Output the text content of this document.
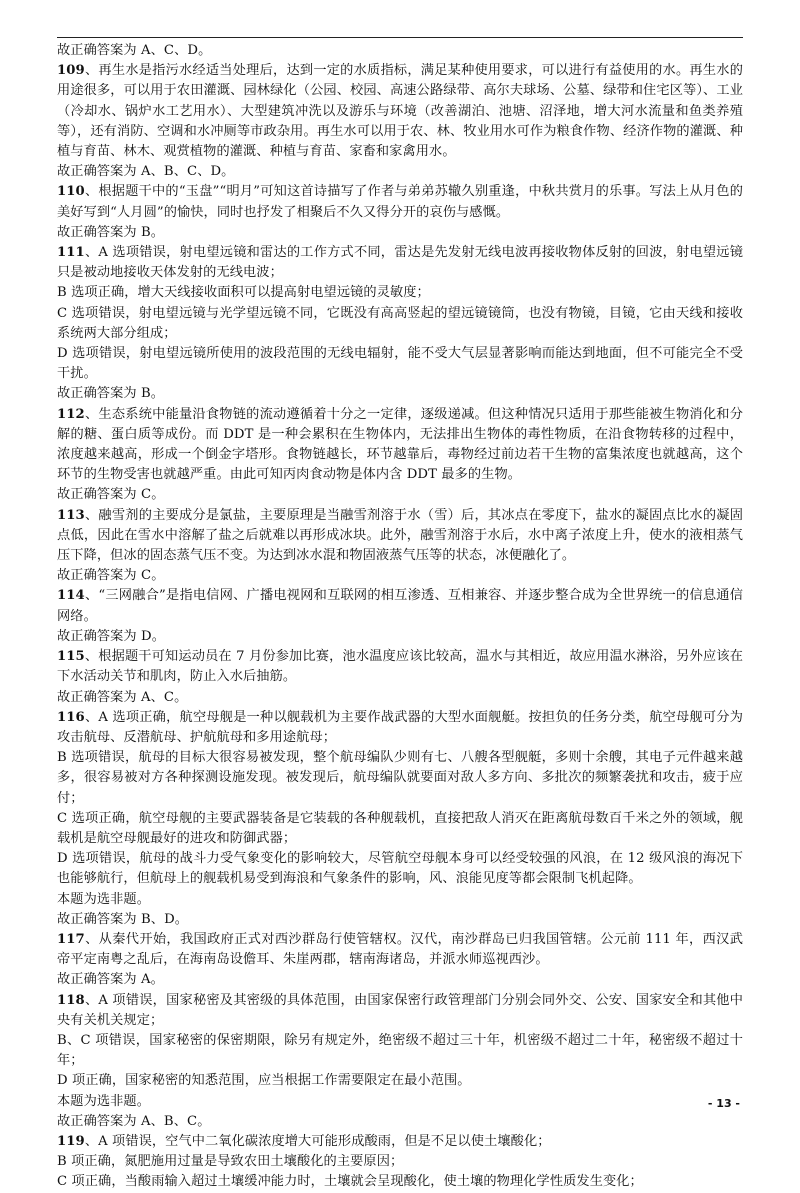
故正确答案为 A、C、D。

109、再生水是指污水经适当处理后，达到一定的水质指标，满足某种使用要求，可以进行有益使用的水。再生水的用途很多，可以用于农田灌溉、园林绿化（公园、校园、高速公路绿带、高尔夫球场、公墓、绿带和住宅区等）、工业（冷却水、锅炉水工艺用水）、大型建筑冲洗以及游乐与环境（改善湖泊、池塘、沼泽地，增大河水流量和鱼类养殖等），还有消防、空调和水冲厕等市政杂用。再生水可以用于农、林、牧业用水可作为粮食作物、经济作物的灌溉、种植与育苗、林木、观赏植物的灌溉、种植与育苗、家畜和家禽用水。

故正确答案为 A、B、C、D。

110、根据题干中的“玉盘”“明月”可知这首诗描写了作者与弟弟苏辙久别重逢，中秋共赏月的乐事。写法上从月色的美好写到“人月圆”的愉快，同时也抒发了相聚后不久又得分开的哀伤与感慨。

故正确答案为 B。

111、A 选项错误，射电望远镜和雷达的工作方式不同，雷达是先发射无线电波再接收物体反射的回波，射电望远镜只是被动地接收天体发射的无线电波；

B 选项正确，增大天线接收面积可以提高射电望远镜的灵敏度；

C 选项错误，射电望远镜与光学望远镜不同，它既没有高高竖起的望远镜镜筒，也没有物镜，目镜，它由天线和接收系统两大部分组成；

D 选项错误，射电望远镜所使用的波段范围的无线电辐射，能不受大气层显著影响而能达到地面，但不可能完全不受干扰。

故正确答案为 B。

112、生态系统中能量沿食物链的流动遵循着十分之一定律，逐级递减。但这种情况只适用于那些能被生物消化和分解的糖、蛋白质等成份。而 DDT 是一种会累积在生物体内，无法排出生物体的毒性物质，在沿食物转移的过程中，浓度越来越高，形成一个倒金字塔形。食物链越长，环节越靠后，毒物经过前边若干生物的富集浓度也就越高，这个环节的生物受害也就越严重。由此可知丙肉食动物是体内含 DDT 最多的生物。

故正确答案为 C。

113、融雪剂的主要成分是氯盐，主要原理是当融雪剂溶于水（雪）后，其冰点在零度下，盐水的凝固点比水的凝固点低，因此在雪水中溶解了盐之后就难以再形成冰块。此外，融雪剂溶于水后，水中离子浓度上升，使水的液相蒸气压下降，但冰的固态蒸气压不变。为达到冰水混和物固液蒸气压等的状态，冰便融化了。

故正确答案为 C。

114、“三网融合”是指电信网、广播电视网和互联网的相互渗透、互相兼容、并逐步整合成为全世界统一的信息通信网络。

故正确答案为 D。

115、根据题干可知运动员在 7 月份参加比赛，池水温度应该比较高，温水与其相近，故应用温水淋浴，另外应该在下水活动关节和肌肉，防止入水后抽筋。

故正确答案为 A、C。

116、A 选项正确，航空母舰是一种以舰载机为主要作战武器的大型水面舰艇。按担负的任务分类，航空母舰可分为攻击航母、反潜航母、护航航母和多用途航母；

B 选项错误，航母的目标大很容易被发现，整个航母编队少则有七、八艘各型舰艇，多则十余艘，其电子元件越来越多，很容易被对方各种探测设施发现。被发现后，航母编队就要面对敌人多方向、多批次的频繁袭扰和攻击，疲于应付；

C 选项正确，航空母舰的主要武器装备是它装载的各种舰载机，直接把敌人消灭在距离航母数百千米之外的领域，舰载机是航空母舰最好的进攻和防御武器；

D 选项错误，航母的战斗力受气象变化的影响较大，尽管航空母舰本身可以经受较强的风浪，在 12 级风浪的海况下也能够航行，但航母上的舰载机易受到海浪和气象条件的影响，风、浪能见度等都会限制飞机起降。

本题为选非题。

故正确答案为 B、D。

117、从秦代开始，我国政府正式对西沙群岛行使管辖权。汉代，南沙群岛已归我国管辖。公元前 111 年，西汉武帝平定南粤之乱后，在海南岛设儋耳、朱崖两郡，辖南海诸岛，并派水师巡视西沙。

故正确答案为 A。

118、A 项错误，国家秘密及其密级的具体范围，由国家保密行政管理部门分别会同外交、公安、国家安全和其他中央有关机关规定；

B、C 项错误，国家秘密的保密期限，除另有规定外，绝密级不超过三十年，机密级不超过二十年，秘密级不超过十年；

D 项正确，国家秘密的知悉范围，应当根据工作需要限定在最小范围。

本题为选非题。

故正确答案为 A、B、C。

119、A 项错误，空气中二氧化碳浓度增大可能形成酸雨，但是不足以使土壤酸化；

B 项正确，氮肥施用过量是导致农田土壤酸化的主要原因；

C 项正确，当酸雨输入超过土壤缓冲能力时，土壤就会呈现酸化，使土壤的物理化学性质发生变化；

- 13 -
